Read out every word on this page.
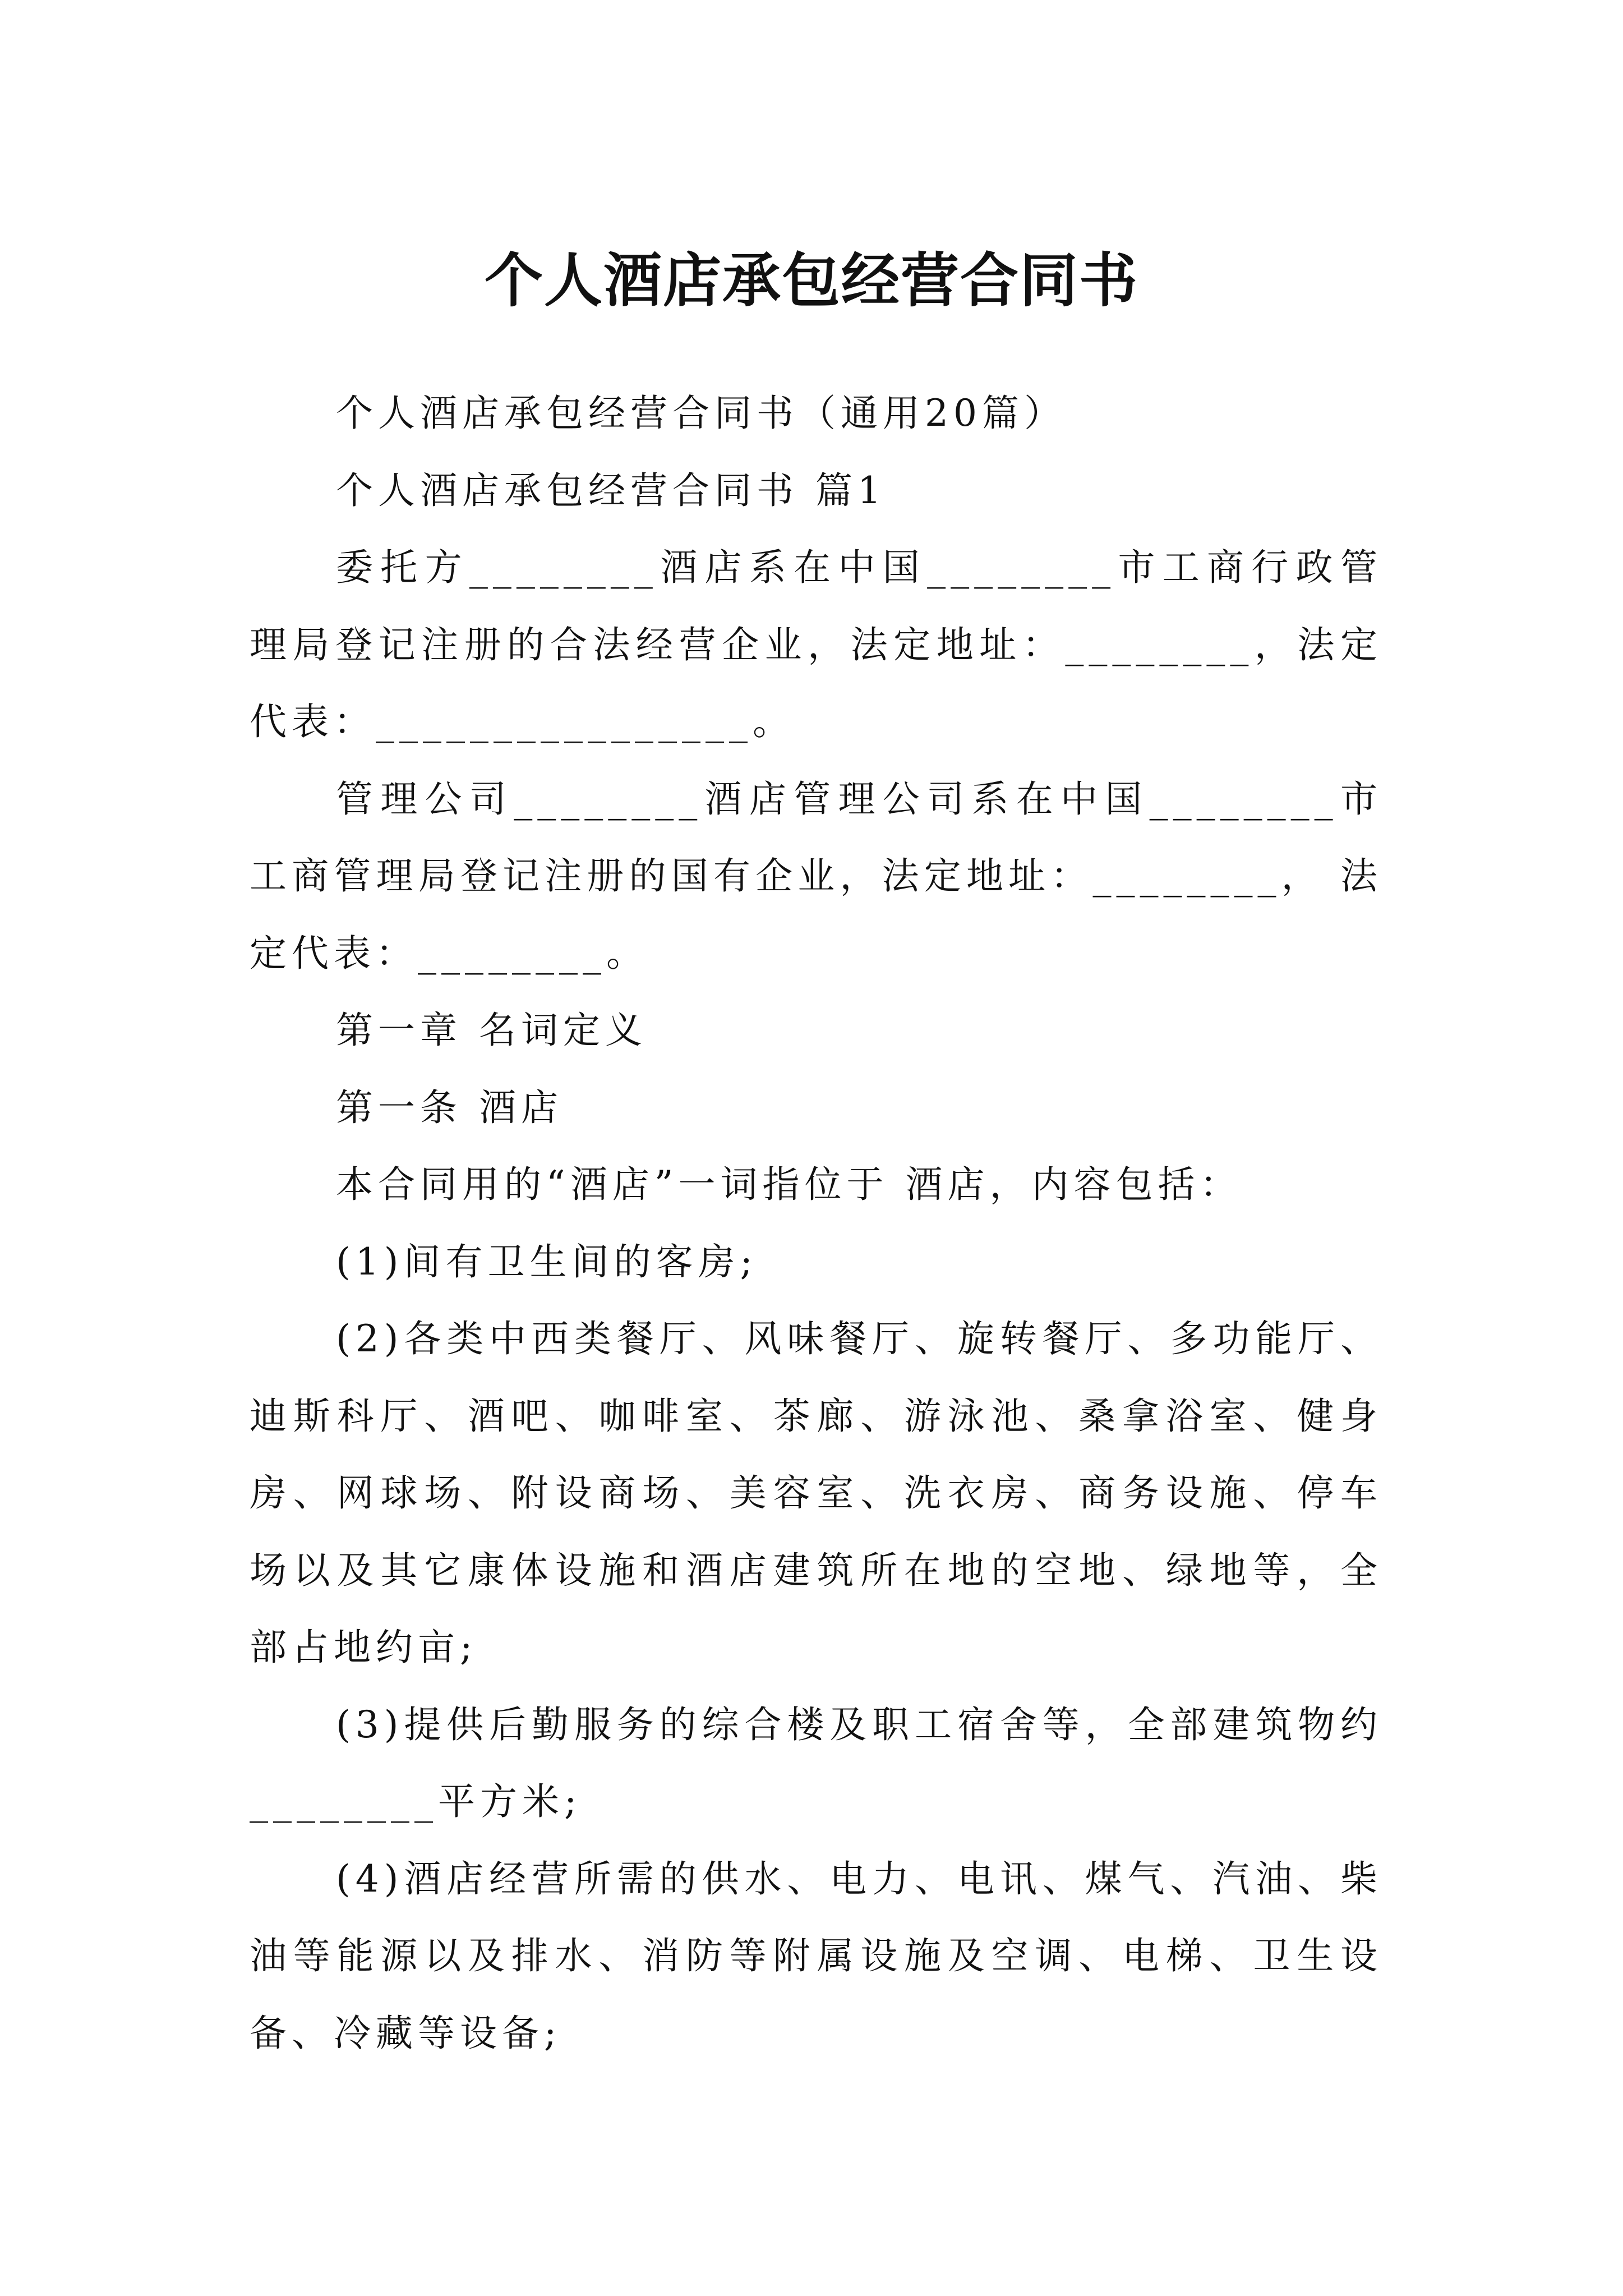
个人酒店承包经营合同书

个人酒店承包经营合同书（通用20篇）

个人酒店承包经营合同书 篇1

委托方________酒店系在中国________市工商行政管理局登记注册的合法经营企业，法定地址：________，法定代表：________________。

管理公司________酒店管理公司系在中国________市工商管理局登记注册的国有企业，法定地址：________， 法定代表：________。

第一章 名词定义

第一条 酒店

本合同用的“酒店”一词指位于 酒店，内容包括：

(1)间有卫生间的客房;

(2)各类中西类餐厅、风味餐厅、旋转餐厅、多功能厅、迪斯科厅、酒吧、咖啡室、茶廊、游泳池、桑拿浴室、健身房、网球场、附设商场、美容室、洗衣房、商务设施、停车场以及其它康体设施和酒店建筑所在地的空地、绿地等，全部占地约亩;

(3)提供后勤服务的综合楼及职工宿舍等，全部建筑物约________平方米;

(4)酒店经营所需的供水、电力、电讯、煤气、汽油、柴油等能源以及排水、消防等附属设施及空调、电梯、卫生设备、冷藏等设备;
